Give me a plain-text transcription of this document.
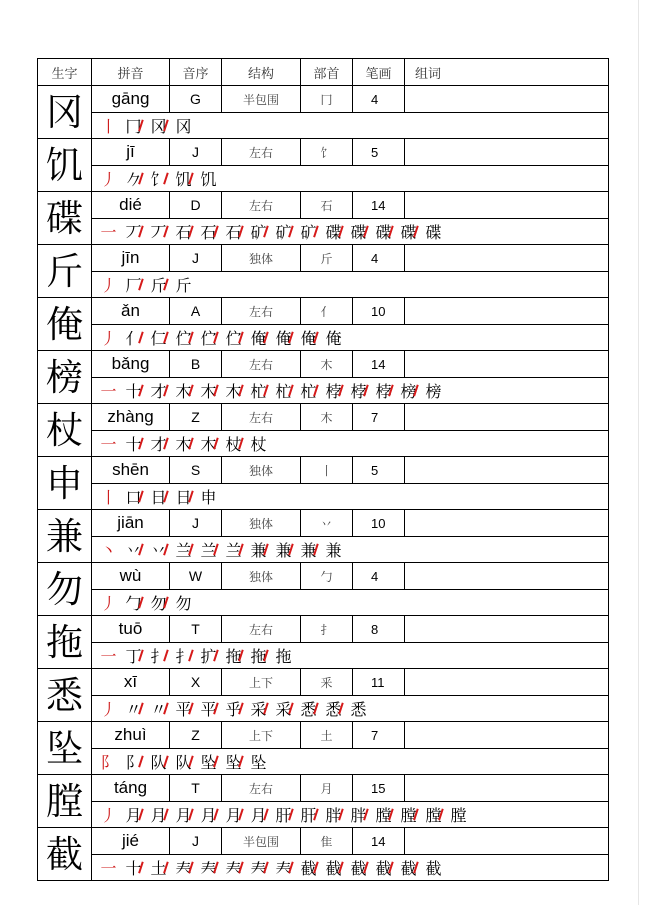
生字	拼音	音序	结构	部首	笔画	组词
冈	gāng	G	半包围	冂	4	
	丨 冂 冈 冈					
饥	jī	J	左右	饣	5	
	丿 𠂊 饣 饥 饥					
碟	dié	D	左右	石	14	
	一 丆 丆 石 石 石 矿 矿 矿 碟 碟 碟 碟 碟					
斤	jīn	J	独体	斤	4	
	丿 厂 斤 斤					
俺	ǎn	A	左右	亻	10	
	丿 亻 仁 伫 伫 伫 俺 俺 俺 俺					
榜	bǎng	B	左右	木	14	
	一 十 才 木 木 木 杧 杧 杧 桲 桲 桲 榜 榜					
杖	zhàng	Z	左右	木	7	
	一 十 才 木 木 杖 杖					
申	shēn	S	独体	丨	5	
	丨 口 日 日 申					
兼	jiān	J	独体	丷	10	
	丶 丷 丷 兰 兰 兰 兼 兼 兼 兼					
勿	wù	W	独体	勹	4	
	丿 勹 勿 勿					
拖	tuō	T	左右	扌	8	
	一 丁 扌 扌 扩 拖 拖 拖					
悉	xī	X	上下	釆	11	
	丿 〃 〃 平 平 乎 采 采 悉 悉 悉					
坠	zhuì	Z	上下	土	7	
	阝 阝 队 队 坠 坠 坠					
膛	táng	T	左右	月	15	
	丿 月 月 月 月 月 月 肝 肝 胖 胖 膛 膛 膛 膛					
截	jié	J	半包围	隹	14	
	一 十 土 𡗗 𡗗 𡗗 𡗗 𡗗 截 截 截 截 截 截					
